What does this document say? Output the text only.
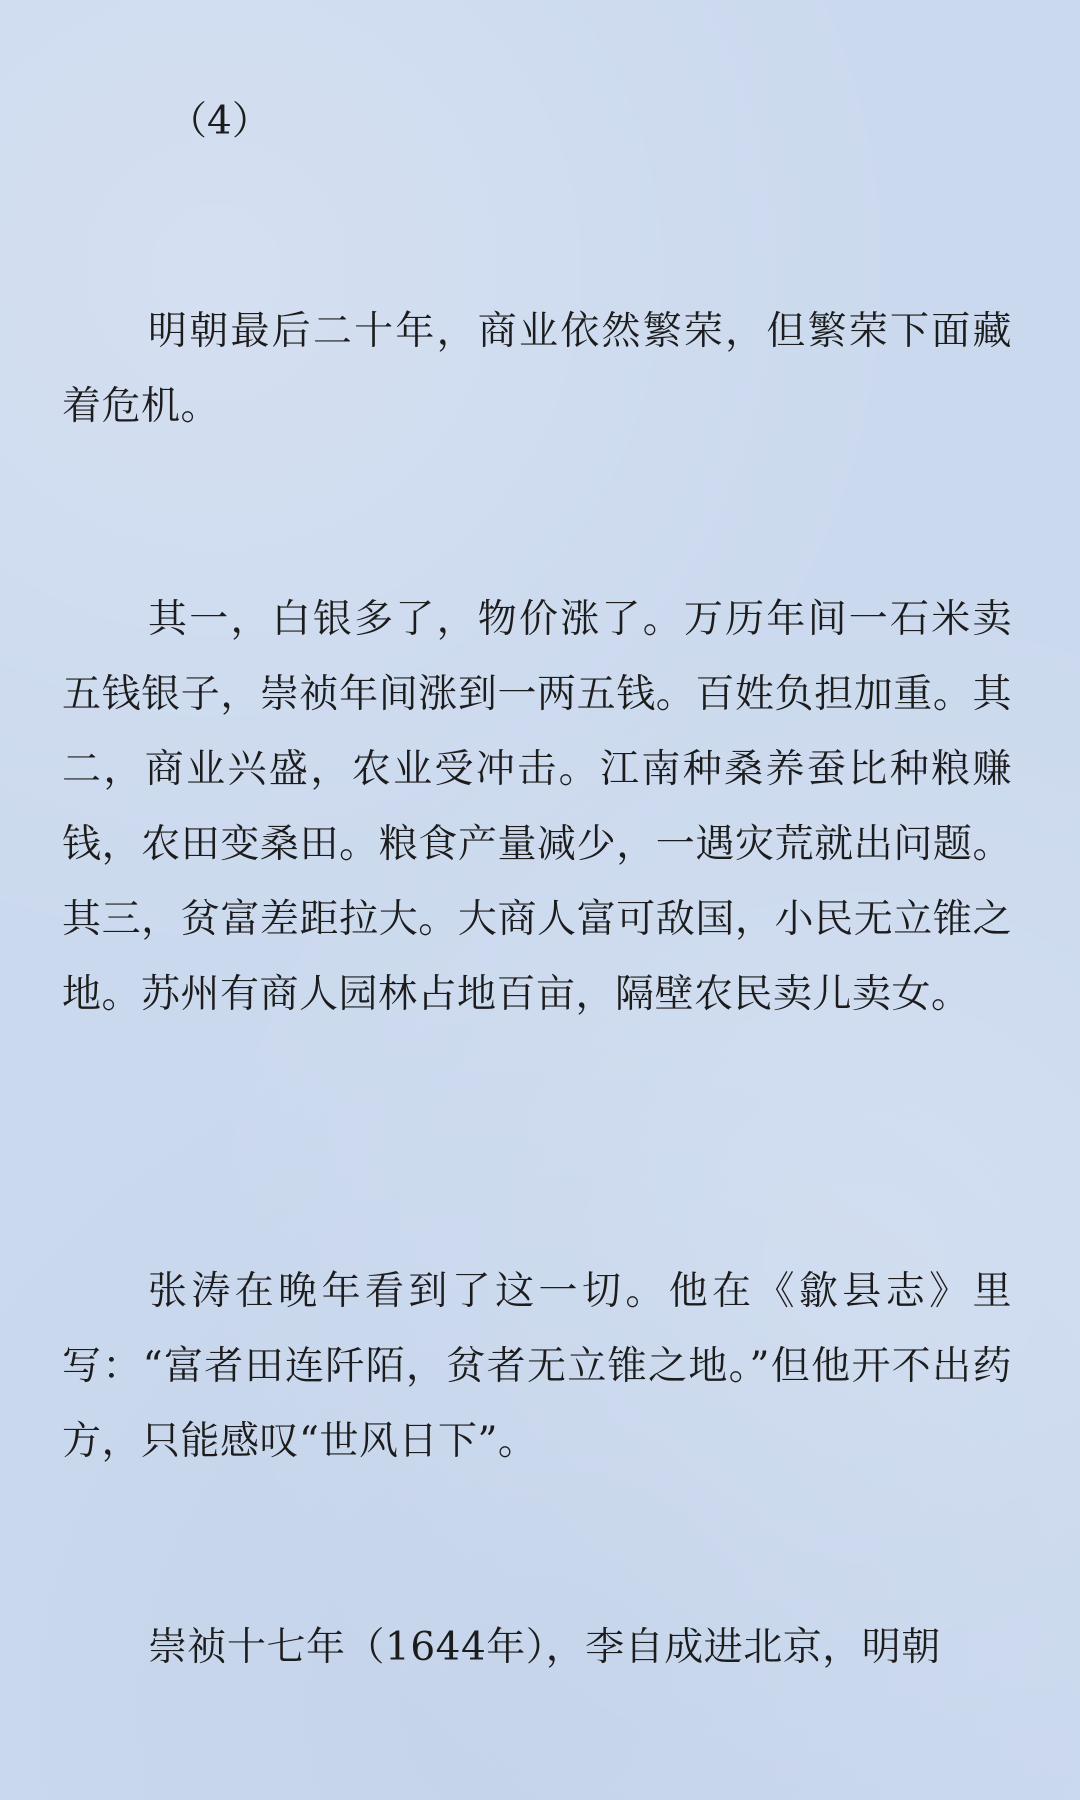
（4）

明朝最后二十年，商业依然繁荣，但繁荣下面藏着危机。

其一，白银多了，物价涨了。万历年间一石米卖五钱银子，崇祯年间涨到一两五钱。百姓负担加重。其二，商业兴盛，农业受冲击。江南种桑养蚕比种粮赚钱，农田变桑田。粮食产量减少，一遇灾荒就出问题。其三，贫富差距拉大。大商人富可敌国，小民无立锥之地。苏州有商人园林占地百亩，隔壁农民卖儿卖女。

张涛在晚年看到了这一切。他在《歙县志》里写：“富者田连阡陌，贫者无立锥之地。”但他开不出药方，只能感叹“世风日下”。

崇祯十七年（1644年），李自成进北京，明朝
